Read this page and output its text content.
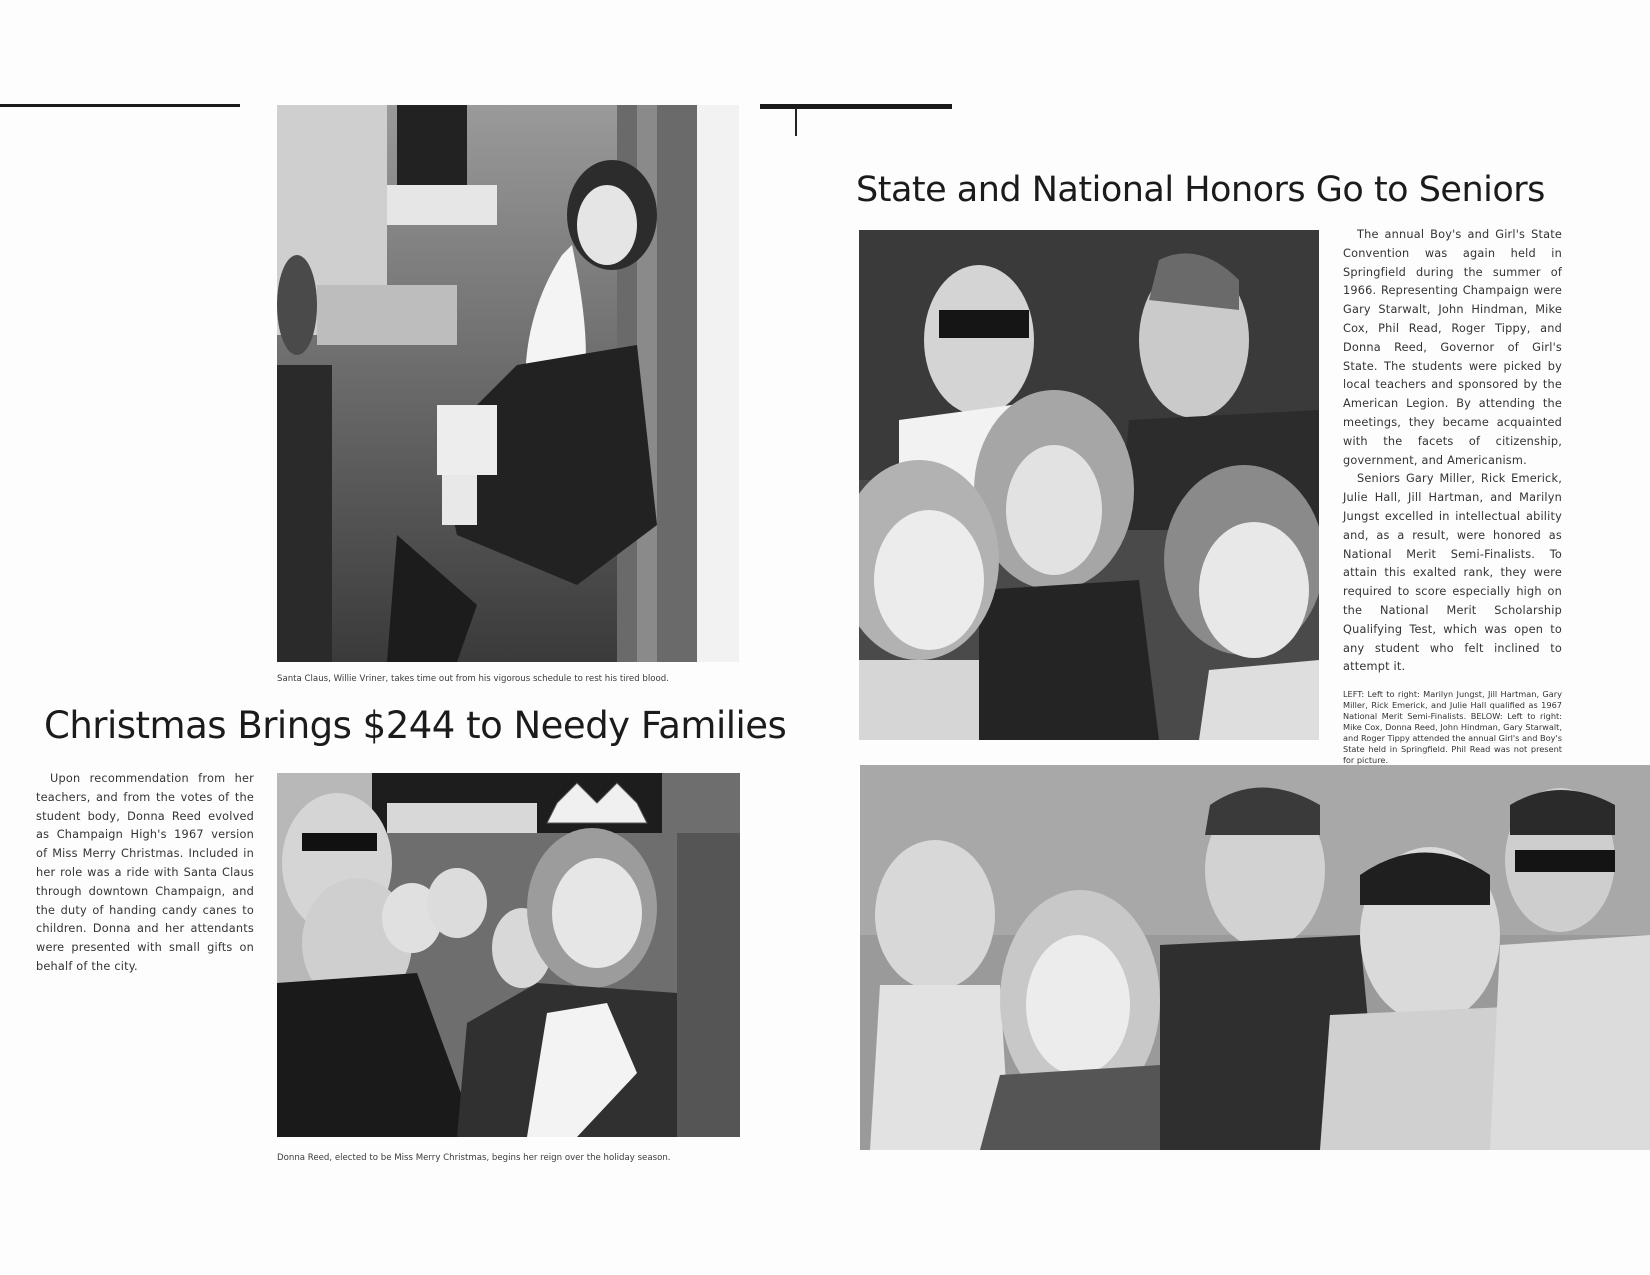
Santa Claus, Willie Vriner, takes time out from his vigorous schedule to rest his tired blood.
Christmas Brings $244 to Needy Families

Upon recommendation from her teachers, and from the votes of the student body, Donna Reed evolved as Champaign High's 1967 version of Miss Merry Christmas. Included in her role was a ride with Santa Claus through downtown Champaign, and the duty of handing candy canes to children. Donna and her attendants were presented with small gifts on behalf of the city.

Donna Reed, elected to be Miss Merry Christmas, begins her reign over the holiday season.
State and National Honors Go to Seniors

The annual Boy's and Girl's State Convention was again held in Springfield during the summer of 1966. Representing Champaign were Gary Starwalt, John Hindman, Mike Cox, Phil Read, Roger Tippy, and Donna Reed, Governor of Girl's State. The students were picked by local teachers and sponsored by the American Legion. By attending the meetings, they became acquainted with the facets of citizenship, government, and Americanism.

Seniors Gary Miller, Rick Emerick, Julie Hall, Jill Hartman, and Marilyn Jungst excelled in intellectual ability and, as a result, were honored as National Merit Semi-Finalists. To attain this exalted rank, they were required to score especially high on the National Merit Scholarship Qualifying Test, which was open to any student who felt inclined to attempt it.

LEFT: Left to right: Marilyn Jungst, Jill Hartman, Gary Miller, Rick Emerick, and Julie Hall qualified as 1967 National Merit Semi-Finalists. BELOW: Left to right: Mike Cox, Donna Reed, John Hindman, Gary Starwalt, and Roger Tippy attended the annual Girl's and Boy's State held in Springfield. Phil Read was not present for picture.
